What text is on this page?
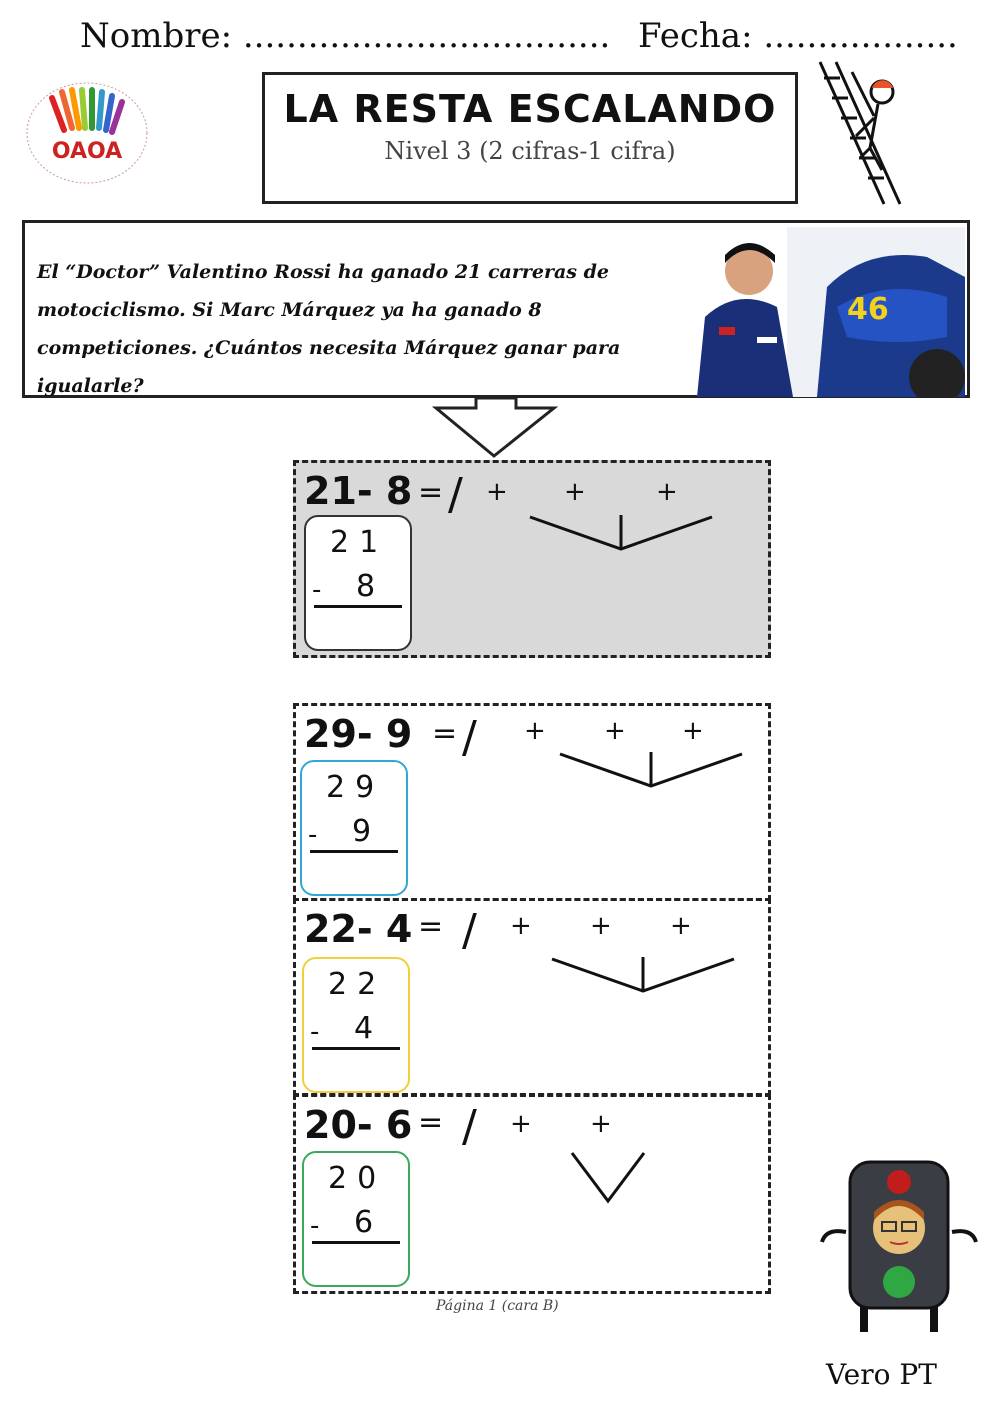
Nombre: .................................. Fecha: ..................
OAOA
LA RESTA ESCALANDO
Nivel 3 (2 cifras-1 cifra)
El “Doctor” Valentino Rossi ha ganado 21 carreras de
motociclismo. Si Marc Márquez ya ha ganado 8
competiciones. ¿Cuántos necesita Márquez ganar para
igualarle?
46
21- 8 = / + +	+
21
- 8
29- 9 = / + + +
29
- 9
22- 4 = / + + +
22
- 4
20- 6 = / + +
20
- 6
Página 1 (cara B)
Vero PT
